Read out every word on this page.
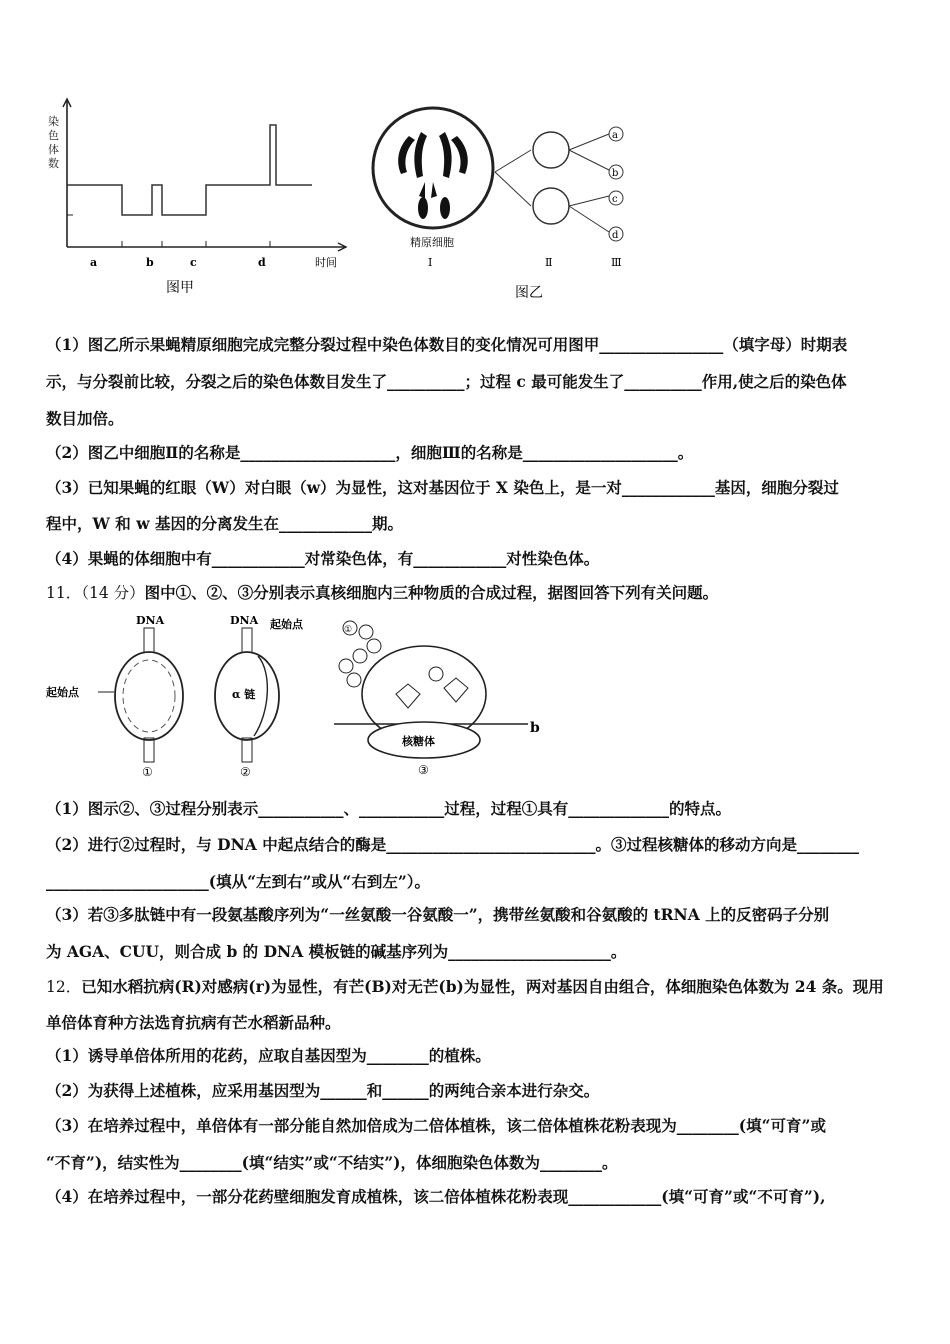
染色体数
a	b	c	d	时间
图甲
a
b
c
d
精原细胞
Ⅰ	Ⅱ	Ⅲ
图乙
（1）图乙所示果蝇精原细胞完成完整分裂过程中染色体数目的变化情况可用图甲________________（填字母）时期表
示，与分裂前比较，分裂之后的染色体数目发生了__________；过程 c 最可能发生了__________作用,使之后的染色体
数目加倍。
（2）图乙中细胞Ⅱ的名称是____________________，细胞Ⅲ的名称是____________________。
（3）已知果蝇的红眼（W）对白眼（w）为显性，这对基因位于 X 染色上，是一对____________基因，细胞分裂过
程中，W 和 w 基因的分离发生在____________期。
（4）果蝇的体细胞中有____________对常染色体，有____________对性染色体。
11．（14 分）图中①、②、③分别表示真核细胞内三种物质的合成过程，据图回答下列有关问题。
DNA
起始点
①
DNA 起始点
α 链
②
①
核糖体
b
③
（1）图示②、③过程分别表示___________、___________过程，过程①具有_____________的特点。
（2）进行②过程时，与 DNA 中起点结合的酶是___________________________。③过程核糖体的移动方向是________
_____________________(填从“左到右”或从“右到左”）。
（3）若③多肽链中有一段氨基酸序列为“一丝氨酸一谷氨酸一”，携带丝氨酸和谷氨酸的 tRNA 上的反密码子分别
为 AGA、CUU，则合成 b 的 DNA 模板链的碱基序列为_____________________。
12．已知水稻抗病(R)对感病(r)为显性，有芒(B)对无芒(b)为显性，两对基因自由组合，体细胞染色体数为 24 条。现用
单倍体育种方法选育抗病有芒水稻新品种。
（1）诱导单倍体所用的花药，应取自基因型为________的植株。
（2）为获得上述植株，应采用基因型为______和______的两纯合亲本进行杂交。
（3）在培养过程中，单倍体有一部分能自然加倍成为二倍体植株，该二倍体植株花粉表现为________(填“可育”或
“不育”)，结实性为________(填“结实”或“不结实”)，体细胞染色体数为________。
（4）在培养过程中，一部分花药壁细胞发育成植株，该二倍体植株花粉表现____________(填“可育”或“不可育”),
